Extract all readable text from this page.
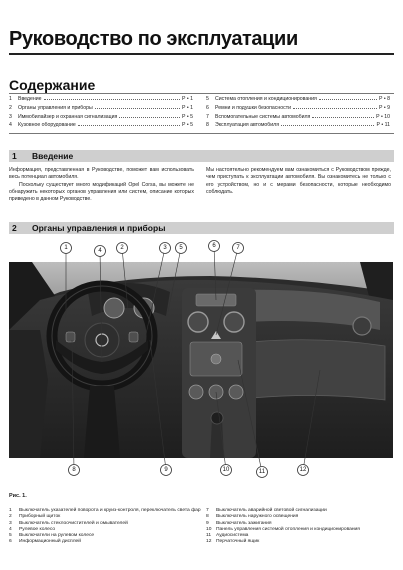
Руководство по эксплуатации
Содержание
1	Введение	Р • 1
2	Органы управления и приборы	Р • 1
3	Иммобилайзер и охранная сигнализация	Р • 5
4	Кузовное оборудование	Р • 5
5	Система отопления и кондиционирования	Р • 8
6	Ремни и подушки безопасности	Р • 9
7	Вспомогательные системы автомобиля	Р • 10
8	Эксплуатация автомобиля	Р • 11
1	Введение

Информация, представленная в Руководстве, поможет вам использовать весь потенциал автомобиля.

Поскольку существует много модификаций Opel Corsa, вы можете не обнаружить некоторых органов управления или систем, описание которых приведено в данном Руководстве.

Мы настоятельно рекомендуем вам ознакомиться с Руководством прежде, чем приступать к эксплуатации автомобиля. Вы ознакомитесь не только с его устройством, но и с мерами безопасности, которые необходимо соблюдать.

2	Органы управления и приборы
1	2	3
4	5	6	7
8	9	10	11	12

Рис. 1.

1	Выключатель указателей поворота и круиз-контроля, переключатель света фар
2	Приборный щиток
3	Выключатель стеклоочистителей и омывателей
4	Рулевое колесо
5	Выключатели на рулевом колесе
6	Информационный дисплей
7	Выключатель аварийной световой сигнализации
8	Выключатель наружного освещения
9	Выключатель зажигания
10 Панель управления системой отопления и кондиционирования
11	Аудиосистема
12 Перчаточный ящик
